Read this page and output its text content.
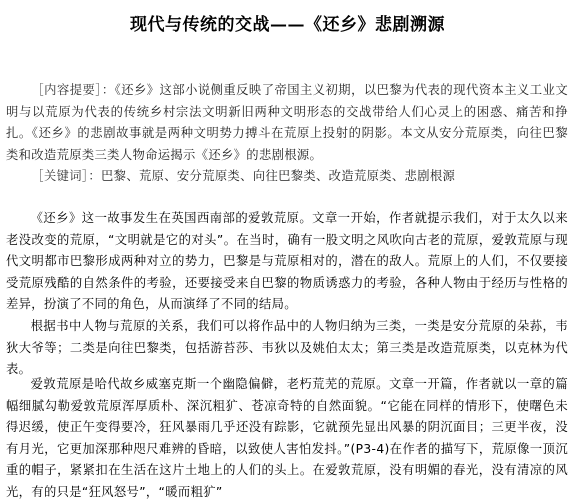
现代与传统的交战——《还乡》悲剧溯源
  ［内容提要］：《还乡》这部小说侧重反映了帝国主义初期，以巴黎为代表的现代资本主义工业文明与以荒原为代表的传统乡村宗法文明新旧两种文明形态的交战带给人们心灵上的困惑、痛苦和挣扎。《还乡》的悲剧故事就是两种文明势力搏斗在荒原上投射的阴影。本文从安分荒原类，向往巴黎类和改造荒原类三类人物命运揭示《还乡》的悲剧根源。
  ［关键词］：巴黎、荒原、安分荒原类、向往巴黎类、改造荒原类、悲剧根源
《还乡》这一故事发生在英国西南部的爱敦荒原。文章一开始，作者就提示我们，对于太久以来老没改变的荒原，“文明就是它的对头”。在当时，确有一股文明之风吹向古老的荒原，爱敦荒原与现代文明都市巴黎形成两种对立的势力，巴黎是与荒原相对的，潜在的敌人。荒原上的人们，不仅要接受荒原残酷的自然条件的考验，还要接受来自巴黎的物质诱惑力的考验，各种人物由于经历与性格的差异，扮演了不同的角色，从而演绎了不同的结局。
根据书中人物与荒原的关系，我们可以将作品中的人物归纳为三类，一类是安分荒原的朵荪，韦狄大爷等；二类是向往巴黎类，包括游苔莎、韦狄以及姚伯太太；第三类是改造荒原类，以克林为代表。
爱敦荒原是哈代故乡威塞克斯一个幽隐偏僻，老朽荒芜的荒原。文章一开篇，作者就以一章的篇幅细腻勾勒爱敦荒原浑厚质朴、深沉粗犷、苍凉奇特的自然面貌。“它能在同样的情形下，使曙色未得迟缓，使正午变得要冷，狂风暴雨几乎还没有踪影，它就预先显出风暴的阴沉面目；三更半夜，没有月光，它更加深那种咫尺难辨的昏暗，以致使人害怕发抖。”(P3-4)在作者的描写下，荒原像一顶沉重的帽子，紧紧扣在生活在这片土地上的人们的头上。在爱敦荒原，没有明媚的春光，没有清凉的风光，有的只是“狂风怒号”，“暖而粗犷”
